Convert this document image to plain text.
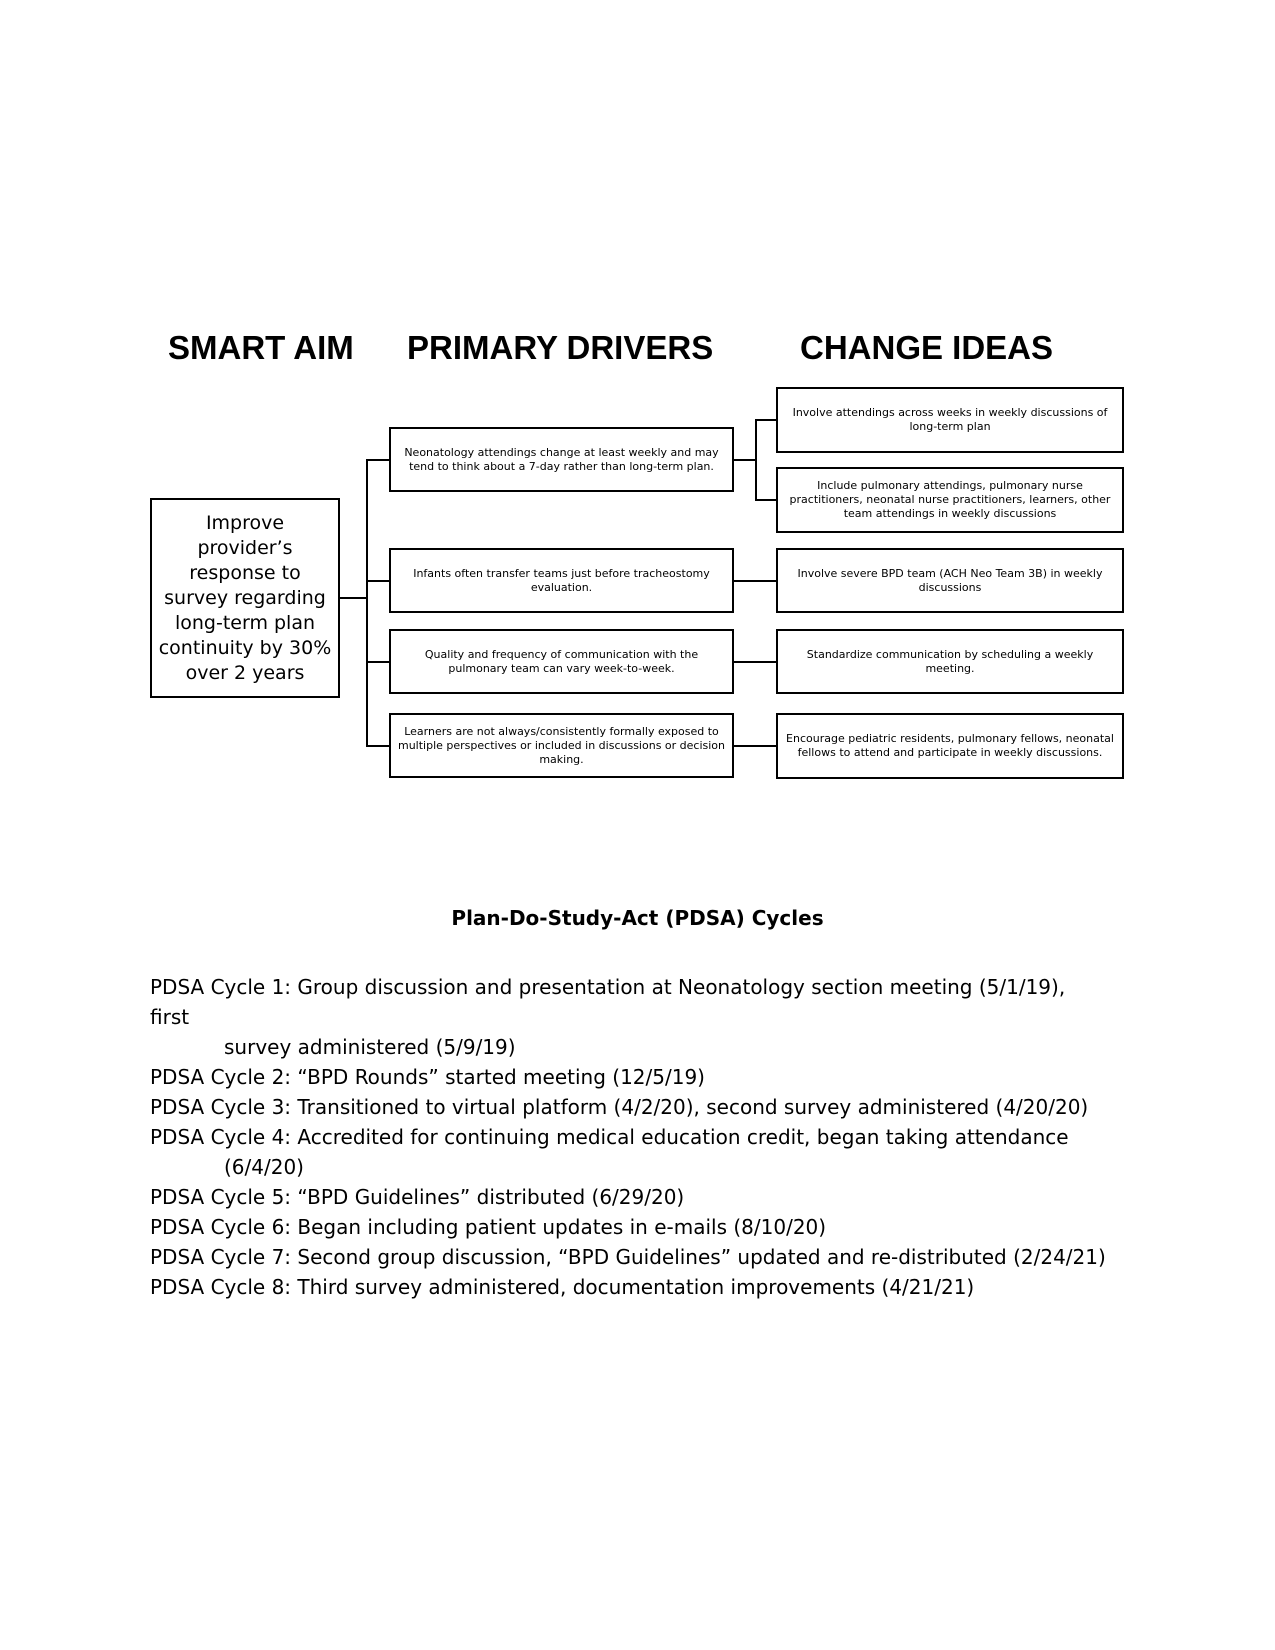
SMART AIM PRIMARY DRIVERS	CHANGE IDEAS
Improve provider’s response to survey regarding long-term plan continuity by 30% over 2 years
Neonatology attendings change at least weekly and may tend to think about a 7-day rather than long-term plan.
Infants often transfer teams just before tracheostomy evaluation.
Quality and frequency of communication with the pulmonary team can vary week-to-week.
Learners are not always/consistently formally exposed to multiple perspectives or included in discussions or decision making.
Involve attendings across weeks in weekly discussions of long-term plan
Include pulmonary attendings, pulmonary nurse practitioners, neonatal nurse practitioners, learners, other team attendings in weekly discussions
Involve severe BPD team (ACH Neo Team 3B) in weekly discussions
Standardize communication by scheduling a weekly meeting.
Encourage pediatric residents, pulmonary fellows, neonatal fellows to attend and participate in weekly discussions.
Plan-Do-Study-Act (PDSA) Cycles
PDSA Cycle 1: Group discussion and presentation at Neonatology section meeting (5/1/19),
first
survey administered (5/9/19)
PDSA Cycle 2: “BPD Rounds” started meeting (12/5/19)
PDSA Cycle 3: Transitioned to virtual platform (4/2/20), second survey administered (4/20/20)
PDSA Cycle 4: Accredited for continuing medical education credit, began taking attendance
(6/4/20)
PDSA Cycle 5: “BPD Guidelines” distributed (6/29/20)
PDSA Cycle 6: Began including patient updates in e-mails (8/10/20)
PDSA Cycle 7: Second group discussion, “BPD Guidelines” updated and re-distributed (2/24/21)
PDSA Cycle 8: Third survey administered, documentation improvements (4/21/21)
